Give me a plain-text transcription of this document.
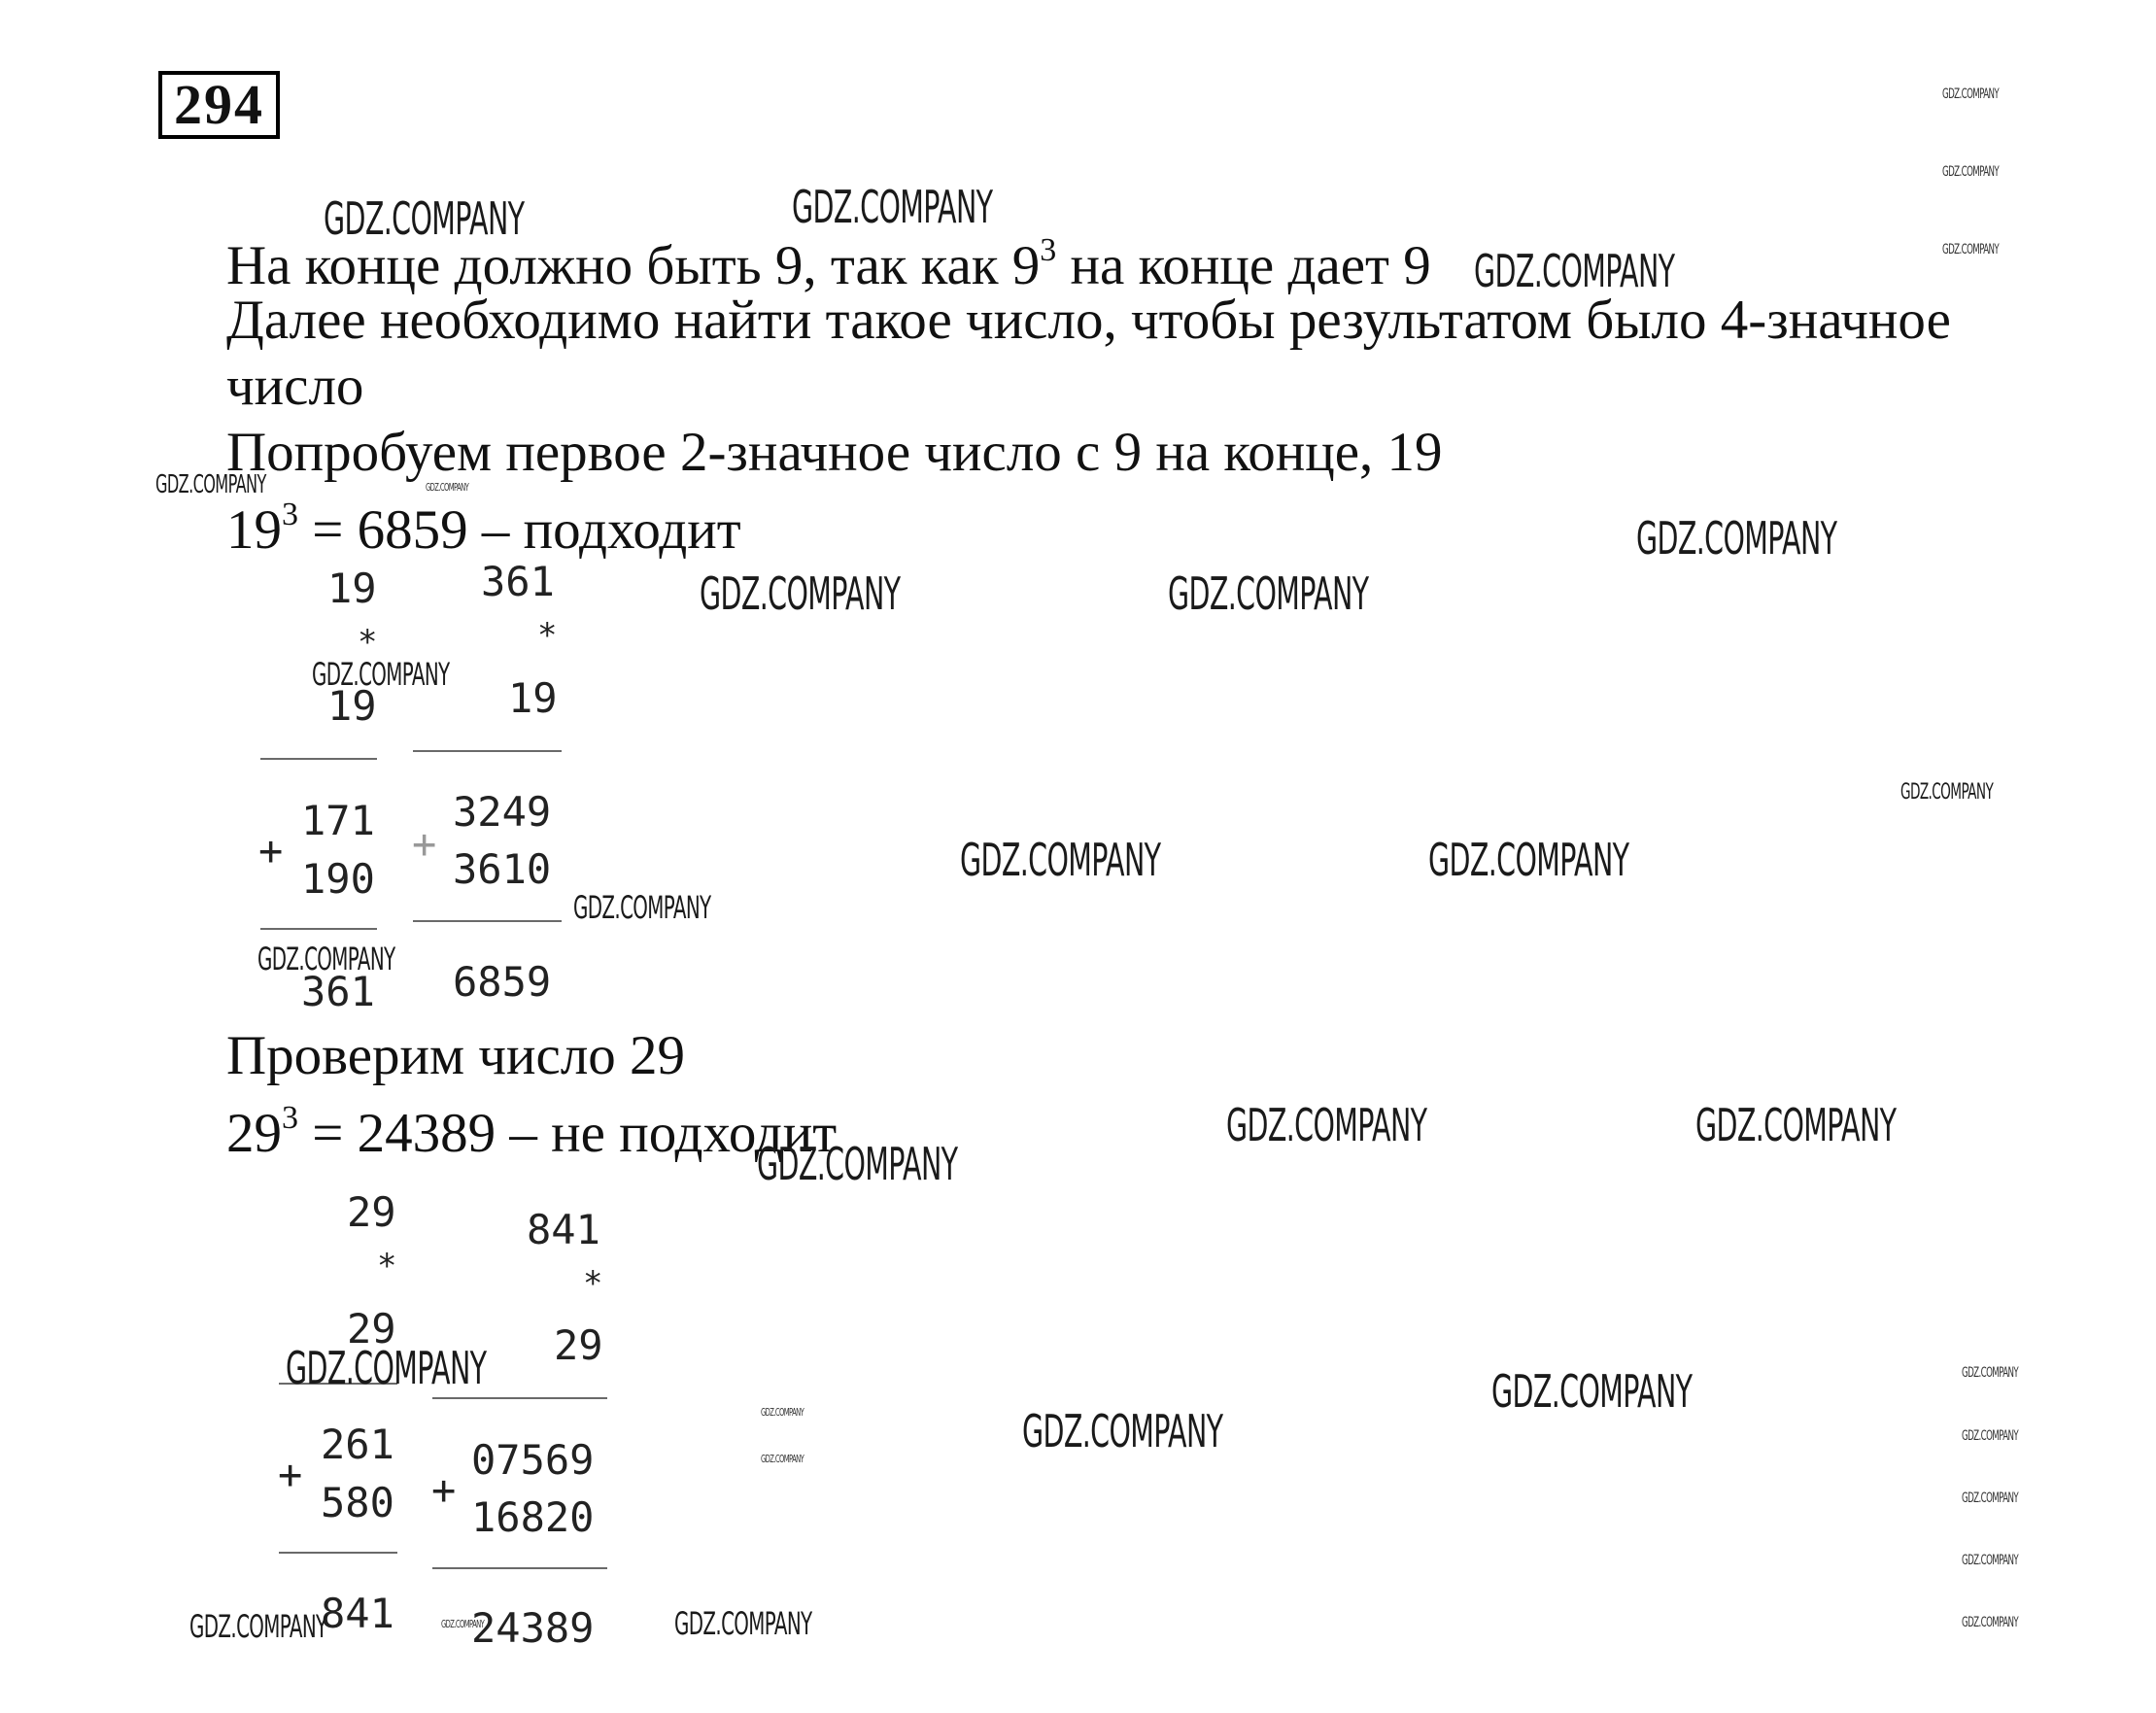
294
На конце должно быть 9, так как $9^3$ на конце дает 9
Далее необходимо найти такое число, чтобы результатом было 4-значное
число
Попробуем первое 2-значное число с 9 на конце, 19
$19^3 = 6859$ – подходит
19
*
19
+
171
190
361
361
*
19
+
3249
3610
6859
Проверим число 29
$29^3 = 24389$ – не подходит
29
*
29
+
261
580
841
841
*
29
+
07569
16820
24389
GDZ.COMPANY	GDZ.COMPANY
GDZ.COMPANY
GDZ.COMPANY
GDZ.COMPANY	GDZ.COMPANY
GDZ.COMPANY	GDZ.COMPANY
GDZ.COMPANY	GDZ.COMPANY
GDZ.COMPANY
GDZ.COMPANY	GDZ.COMPANY
GDZ.COMPANY
GDZ.COMPANY
GDZ.COMPANY
GDZ.COMPANY
GDZ.COMPANY	GDZ.COMPANY
GDZ.COMPANY
GDZ.COMPANY
GDZ.COMPANY
GDZ.COMPANY
GDZ.COMPANY
GDZ.COMPANY
GDZ.COMPANY
GDZ.COMPANY
GDZ.COMPANY
GDZ.COMPANY
GDZ.COMPANY
GDZ.COMPANY
GDZ.COMPANY
GDZ.COMPANY
